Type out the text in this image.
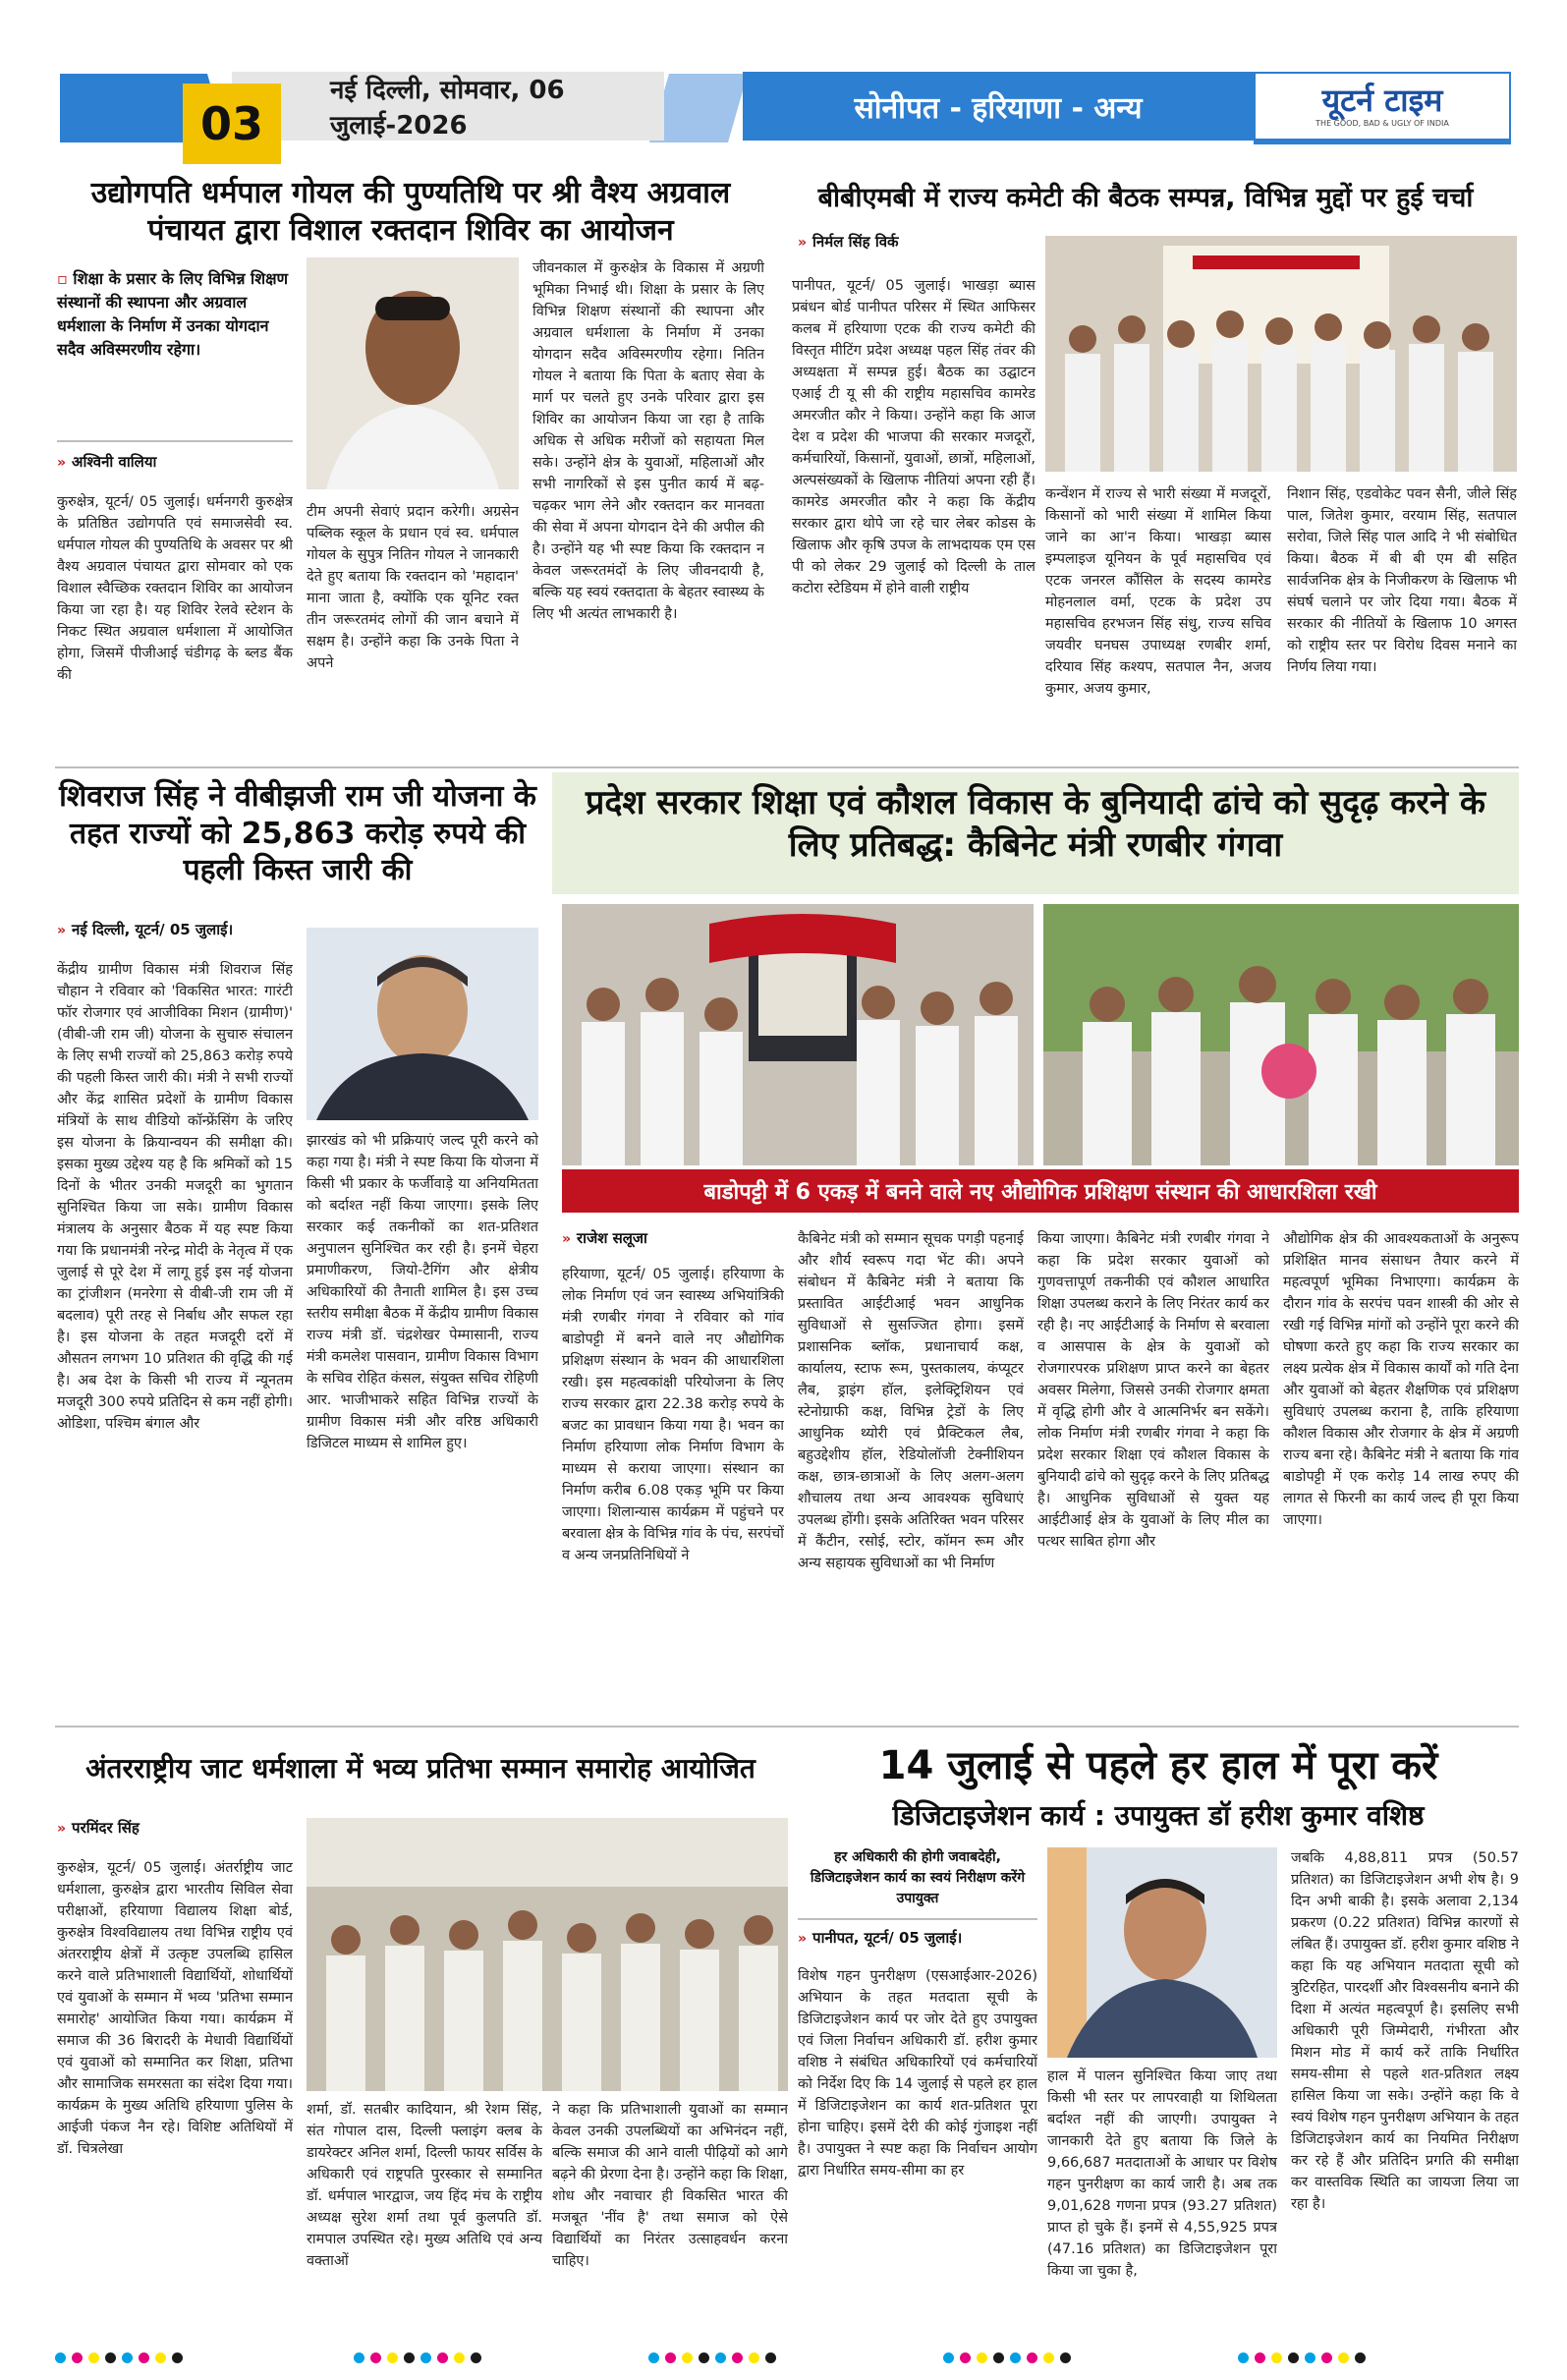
नई दिल्ली, सोमवार, 06 जुलाई-2026
03	सोनीपत - हरियाणा - अन्य	यूटर्न टाइम
THE GOOD, BAD & UGLY OF INDIA
उद्योगपति धर्मपाल गोयल की पुण्यतिथि पर श्री वैश्य अग्रवाल पंचायत द्वारा विशाल रक्तदान शिविर का आयोजन
▫ शिक्षा के प्रसार के लिए विभिन्न शिक्षण संस्थानों की स्थापना और अग्रवाल धर्मशाला के निर्माण में उनका योगदान सदैव अविस्मरणीय रहेगा।
» अश्विनी वालिया
कुरुक्षेत्र, यूटर्न/ 05 जुलाई। धर्मनगरी कुरुक्षेत्र के प्रतिष्ठित उद्योगपति एवं समाजसेवी स्व. धर्मपाल गोयल की पुण्यतिथि के अवसर पर श्री वैश्य अग्रवाल पंचायत द्वारा सोमवार को एक विशाल स्वैच्छिक रक्तदान शिविर का आयोजन किया जा रहा है। यह शिविर रेलवे स्टेशन के निकट स्थित अग्रवाल धर्मशाला में आयोजित होगा, जिसमें पीजीआई चंडीगढ़ के ब्लड बैंक की
टीम अपनी सेवाएं प्रदान करेगी। अग्रसेन पब्लिक स्कूल के प्रधान एवं स्व. धर्मपाल गोयल के सुपुत्र नितिन गोयल ने जानकारी देते हुए बताया कि रक्तदान को 'महादान' माना जाता है, क्योंकि एक यूनिट रक्त तीन जरूरतमंद लोगों की जान बचाने में सक्षम है। उन्होंने कहा कि उनके पिता ने अपने
जीवनकाल में कुरुक्षेत्र के विकास में अग्रणी भूमिका निभाई थी। शिक्षा के प्रसार के लिए विभिन्न शिक्षण संस्थानों की स्थापना और अग्रवाल धर्मशाला के निर्माण में उनका योगदान सदैव अविस्मरणीय रहेगा। नितिन गोयल ने बताया कि पिता के बताए सेवा के मार्ग पर चलते हुए उनके परिवार द्वारा इस शिविर का आयोजन किया जा रहा है ताकि अधिक से अधिक मरीजों को सहायता मिल सके। उन्होंने क्षेत्र के युवाओं, महिलाओं और सभी नागरिकों से इस पुनीत कार्य में बढ़-चढ़कर भाग लेने और रक्तदान कर मानवता की सेवा में अपना योगदान देने की अपील की है। उन्होंने यह भी स्पष्ट किया कि रक्तदान न केवल जरूरतमंदों के लिए जीवनदायी है, बल्कि यह स्वयं रक्तदाता के बेहतर स्वास्थ्य के लिए भी अत्यंत लाभकारी है।
बीबीएमबी में राज्य कमेटी की बैठक सम्पन्न, विभिन्न मुद्दों पर हुई चर्चा
» निर्मल सिंह विर्क
पानीपत, यूटर्न/ 05 जुलाई। भाखड़ा ब्यास प्रबंधन बोर्ड पानीपत परिसर में स्थित आफिसर कलब में हरियाणा एटक की राज्य कमेटी की विस्तृत मीटिंग प्रदेश अध्यक्ष पहल सिंह तंवर की अध्यक्षता में सम्पन्न हुई। बैठक का उद्घाटन एआई टी यू सी की राष्ट्रीय महासचिव कामरेड अमरजीत कौर ने किया। उन्होंने कहा कि आज देश व प्रदेश की भाजपा की सरकार मजदूरों, कर्मचारियों, किसानों, युवाओं, छात्रों, महिलाओं, अल्पसंख्यकों के खिलाफ नीतियां अपना रही हैं। कामरेड अमरजीत कौर ने कहा कि केंद्रीय सरकार द्वारा थोपे जा रहे चार लेबर कोडस के खिलाफ और कृषि उपज के लाभदायक एम एस पी को लेकर 29 जुलाई को दिल्ली के ताल कटोरा स्टेडियम में होने वाली राष्ट्रीय
कन्वेंशन में राज्य से भारी संख्या में मजदूरों, किसानों को भारी संख्या में शामिल किया जाने का आ'न किया। भाखड़ा ब्यास इम्पलाइज यूनियन के पूर्व महासचिव एवं एटक जनरल कौंसिल के सदस्य कामरेड मोहनलाल वर्मा, एटक के प्रदेश उप महासचिव हरभजन सिंह संधु, राज्य सचिव जयवीर घनघस उपाध्यक्ष रणबीर शर्मा, दरियाव सिंह कश्यप, सतपाल नैन, अजय कुमार, अजय कुमार,
निशान सिंह, एडवोकेट पवन सैनी, जीले सिंह पाल, जितेश कुमार, वरयाम सिंह, सतपाल सरोवा, जिले सिंह पाल आदि ने भी संबोधित किया। बैठक में बी बी एम बी सहित सार्वजनिक क्षेत्र के निजीकरण के खिलाफ भी संघर्ष चलाने पर जोर दिया गया। बैठक में सरकार की नीतियों के खिलाफ 10 अगस्त को राष्ट्रीय स्तर पर विरोध दिवस मनाने का निर्णय लिया गया।
शिवराज सिंह ने वीबीझजी राम जी योजना के तहत राज्यों को 25,863 करोड़ रुपये की पहली किस्त जारी की
» नई दिल्ली, यूटर्न/ 05 जुलाई।
केंद्रीय ग्रामीण विकास मंत्री शिवराज सिंह चौहान ने रविवार को 'विकसित भारत: गारंटी फॉर रोजगार एवं आजीविका मिशन (ग्रामीण)' (वीबी-जी राम जी) योजना के सुचारु संचालन के लिए सभी राज्यों को 25,863 करोड़ रुपये की पहली किस्त जारी की। मंत्री ने सभी राज्यों और केंद्र शासित प्रदेशों के ग्रामीण विकास मंत्रियों के साथ वीडियो कॉन्फ्रेंसिंग के जरिए इस योजना के क्रियान्वयन की समीक्षा की। इसका मुख्य उद्देश्य यह है कि श्रमिकों को 15 दिनों के भीतर उनकी मजदूरी का भुगतान सुनिश्चित किया जा सके। ग्रामीण विकास मंत्रालय के अनुसार बैठक में यह स्पष्ट किया गया कि प्रधानमंत्री नरेन्द्र मोदी के नेतृत्व में एक जुलाई से पूरे देश में लागू हुई इस नई योजना का ट्रांजीशन (मनरेगा से वीबी-जी राम जी में बदलाव) पूरी तरह से निर्बाध और सफल रहा है। इस योजना के तहत मजदूरी दरों में औसतन लगभग 10 प्रतिशत की वृद्धि की गई है। अब देश के किसी भी राज्य में न्यूनतम मजदूरी 300 रुपये प्रतिदिन से कम नहीं होगी। ओडिशा, पश्चिम बंगाल और
झारखंड को भी प्रक्रियाएं जल्द पूरी करने को कहा गया है। मंत्री ने स्पष्ट किया कि योजना में किसी भी प्रकार के फर्जीवाड़े या अनियमितता को बर्दाश्त नहीं किया जाएगा। इसके लिए सरकार कई तकनीकों का शत-प्रतिशत अनुपालन सुनिश्चित कर रही है। इनमें चेहरा प्रमाणीकरण, जियो-टैगिंग और क्षेत्रीय अधिकारियों की तैनाती शामिल है। इस उच्च स्तरीय समीक्षा बैठक में केंद्रीय ग्रामीण विकास राज्य मंत्री डॉ. चंद्रशेखर पेम्मासानी, राज्य मंत्री कमलेश पासवान, ग्रामीण विकास विभाग के सचिव रोहित कंसल, संयुक्त सचिव रोहिणी आर. भाजीभाकरे सहित विभिन्न राज्यों के ग्रामीण विकास मंत्री और वरिष्ठ अधिकारी डिजिटल माध्यम से शामिल हुए।
प्रदेश सरकार शिक्षा एवं कौशल विकास के बुनियादी ढांचे को सुदृढ़ करने के लिए प्रतिबद्ध: कैबिनेट मंत्री रणबीर गंगवा
बाडोपट्टी में 6 एकड़ में बनने वाले नए औद्योगिक प्रशिक्षण संस्थान की आधारशिला रखी
» राजेश सलूजा
हरियाणा, यूटर्न/ 05 जुलाई। हरियाणा के लोक निर्माण एवं जन स्वास्थ्य अभियांत्रिकी मंत्री रणबीर गंगवा ने रविवार को गांव बाडोपट्टी में बनने वाले नए औद्योगिक प्रशिक्षण संस्थान के भवन की आधारशिला रखी। इस महत्वकांक्षी परियोजना के लिए राज्य सरकार द्वारा 22.38 करोड़ रुपये के बजट का प्रावधान किया गया है। भवन का निर्माण हरियाणा लोक निर्माण विभाग के माध्यम से कराया जाएगा। संस्थान का निर्माण करीब 6.08 एकड़ भूमि पर किया जाएगा। शिलान्यास कार्यक्रम में पहुंचने पर बरवाला क्षेत्र के विभिन्न गांव के पंच, सरपंचों व अन्य जनप्रतिनिधियों ने
कैबिनेट मंत्री को सम्मान सूचक पगड़ी पहनाई और शौर्य स्वरूप गदा भेंट की। अपने संबोधन में कैबिनेट मंत्री ने बताया कि प्रस्तावित आईटीआई भवन आधुनिक सुविधाओं से सुसज्जित होगा। इसमें प्रशासनिक ब्लॉक, प्रधानाचार्य कक्ष, कार्यालय, स्टाफ रूम, पुस्तकालय, कंप्यूटर लैब, ड्राइंग हॉल, इलेक्ट्रिशियन एवं स्टेनोग्राफी कक्ष, विभिन्न ट्रेडों के लिए आधुनिक थ्योरी एवं प्रैक्टिकल लैब, बहुउद्देशीय हॉल, रेडियोलॉजी टेक्नीशियन कक्ष, छात्र-छात्राओं के लिए अलग-अलग शौचालय तथा अन्य आवश्यक सुविधाएं उपलब्ध होंगी। इसके अतिरिक्त भवन परिसर में कैंटीन, रसोई, स्टोर, कॉमन रूम और अन्य सहायक सुविधाओं का भी निर्माण
किया जाएगा। कैबिनेट मंत्री रणबीर गंगवा ने कहा कि प्रदेश सरकार युवाओं को गुणवत्तापूर्ण तकनीकी एवं कौशल आधारित शिक्षा उपलब्ध कराने के लिए निरंतर कार्य कर रही है। नए आईटीआई के निर्माण से बरवाला व आसपास के क्षेत्र के युवाओं को रोजगारपरक प्रशिक्षण प्राप्त करने का बेहतर अवसर मिलेगा, जिससे उनकी रोजगार क्षमता में वृद्धि होगी और वे आत्मनिर्भर बन सकेंगे। लोक निर्माण मंत्री रणबीर गंगवा ने कहा कि प्रदेश सरकार शिक्षा एवं कौशल विकास के बुनियादी ढांचे को सुदृढ़ करने के लिए प्रतिबद्ध है। आधुनिक सुविधाओं से युक्त यह आईटीआई क्षेत्र के युवाओं के लिए मील का पत्थर साबित होगा और
औद्योगिक क्षेत्र की आवश्यकताओं के अनुरूप प्रशिक्षित मानव संसाधन तैयार करने में महत्वपूर्ण भूमिका निभाएगा। कार्यक्रम के दौरान गांव के सरपंच पवन शास्त्री की ओर से रखी गई विभिन्न मांगों को उन्होंने पूरा करने की घोषणा करते हुए कहा कि राज्य सरकार का लक्ष्य प्रत्येक क्षेत्र में विकास कार्यों को गति देना और युवाओं को बेहतर शैक्षणिक एवं प्रशिक्षण सुविधाएं उपलब्ध कराना है, ताकि हरियाणा कौशल विकास और रोजगार के क्षेत्र में अग्रणी राज्य बना रहे। कैबिनेट मंत्री ने बताया कि गांव बाडोपट्टी में एक करोड़ 14 लाख रुपए की लागत से फिरनी का कार्य जल्द ही पूरा किया जाएगा।
अंतरराष्ट्रीय जाट धर्मशाला में भव्य प्रतिभा सम्मान समारोह आयोजित
» परमिंदर सिंह
कुरुक्षेत्र, यूटर्न/ 05 जुलाई। अंतर्राष्ट्रीय जाट धर्मशाला, कुरुक्षेत्र द्वारा भारतीय सिविल सेवा परीक्षाओं, हरियाणा विद्यालय शिक्षा बोर्ड, कुरुक्षेत्र विश्वविद्यालय तथा विभिन्न राष्ट्रीय एवं अंतरराष्ट्रीय क्षेत्रों में उत्कृष्ट उपलब्धि हासिल करने वाले प्रतिभाशाली विद्यार्थियों, शोधार्थियों एवं युवाओं के सम्मान में भव्य 'प्रतिभा सम्मान समारोह' आयोजित किया गया। कार्यक्रम में समाज की 36 बिरादरी के मेधावी विद्यार्थियों एवं युवाओं को सम्मानित कर शिक्षा, प्रतिभा और सामाजिक समरसता का संदेश दिया गया। कार्यक्रम के मुख्य अतिथि हरियाणा पुलिस के आईजी पंकज नैन रहे। विशिष्ट अतिथियों में डॉ. चित्रलेखा
शर्मा, डॉ. सतबीर कादियान, श्री रेशम सिंह, संत गोपाल दास, दिल्ली फ्लाइंग क्लब के डायरेक्टर अनिल शर्मा, दिल्ली फायर सर्विस के अधिकारी एवं राष्ट्रपति पुरस्कार से सम्मानित डॉ. धर्मपाल भारद्वाज, जय हिंद मंच के राष्ट्रीय अध्यक्ष सुरेश शर्मा तथा पूर्व कुलपति डॉ. रामपाल उपस्थित रहे। मुख्य अतिथि एवं अन्य वक्ताओं
ने कहा कि प्रतिभाशाली युवाओं का सम्मान केवल उनकी उपलब्धियों का अभिनंदन नहीं, बल्कि समाज की आने वाली पीढ़ियों को आगे बढ़ने की प्रेरणा देना है। उन्होंने कहा कि शिक्षा, शोध और नवाचार ही विकसित भारत की मजबूत 'नींव है' तथा समाज को ऐसे विद्यार्थियों का निरंतर उत्साहवर्धन करना चाहिए।
14 जुलाई से पहले हर हाल में पूरा करें
डिजिटाइजेशन कार्य : उपायुक्त डॉ हरीश कुमार वशिष्ठ
हर अधिकारी की होगी जवाबदेही, डिजिटाइजेशन कार्य का स्वयं निरीक्षण करेंगे उपायुक्त
» पानीपत, यूटर्न/ 05 जुलाई।
विशेष गहन पुनरीक्षण (एसआईआर-2026) अभियान के तहत मतदाता सूची के डिजिटाइजेशन कार्य पर जोर देते हुए उपायुक्त एवं जिला निर्वाचन अधिकारी डॉ. हरीश कुमार वशिष्ठ ने संबंधित अधिकारियों एवं कर्मचारियों को निर्देश दिए कि 14 जुलाई से पहले हर हाल में डिजिटाइजेशन का कार्य शत-प्रतिशत पूरा होना चाहिए। इसमें देरी की कोई गुंजाइश नहीं है। उपायुक्त ने स्पष्ट कहा कि निर्वाचन आयोग द्वारा निर्धारित समय-सीमा का हर
हाल में पालन सुनिश्चित किया जाए तथा किसी भी स्तर पर लापरवाही या शिथिलता बर्दाश्त नहीं की जाएगी। उपायुक्त ने जानकारी देते हुए बताया कि जिले के 9,66,687 मतदाताओं के आधार पर विशेष गहन पुनरीक्षण का कार्य जारी है। अब तक 9,01,628 गणना प्रपत्र (93.27 प्रतिशत) प्राप्त हो चुके हैं। इनमें से 4,55,925 प्रपत्र (47.16 प्रतिशत) का डिजिटाइजेशन पूरा किया जा चुका है,
जबकि 4,88,811 प्रपत्र (50.57 प्रतिशत) का डिजिटाइजेशन अभी शेष है। 9 दिन अभी बाकी है। इसके अलावा 2,134 प्रकरण (0.22 प्रतिशत) विभिन्न कारणों से लंबित हैं। उपायुक्त डॉ. हरीश कुमार वशिष्ठ ने कहा कि यह अभियान मतदाता सूची को त्रुटिरहित, पारदर्शी और विश्वसनीय बनाने की दिशा में अत्यंत महत्वपूर्ण है। इसलिए सभी अधिकारी पूरी जिम्मेदारी, गंभीरता और मिशन मोड में कार्य करें ताकि निर्धारित समय-सीमा से पहले शत-प्रतिशत लक्ष्य हासिल किया जा सके। उन्होंने कहा कि वे स्वयं विशेष गहन पुनरीक्षण अभियान के तहत डिजिटाइजेशन कार्य का नियमित निरीक्षण कर रहे हैं और प्रतिदिन प्रगति की समीक्षा कर वास्तविक स्थिति का जायजा लिया जा रहा है।
